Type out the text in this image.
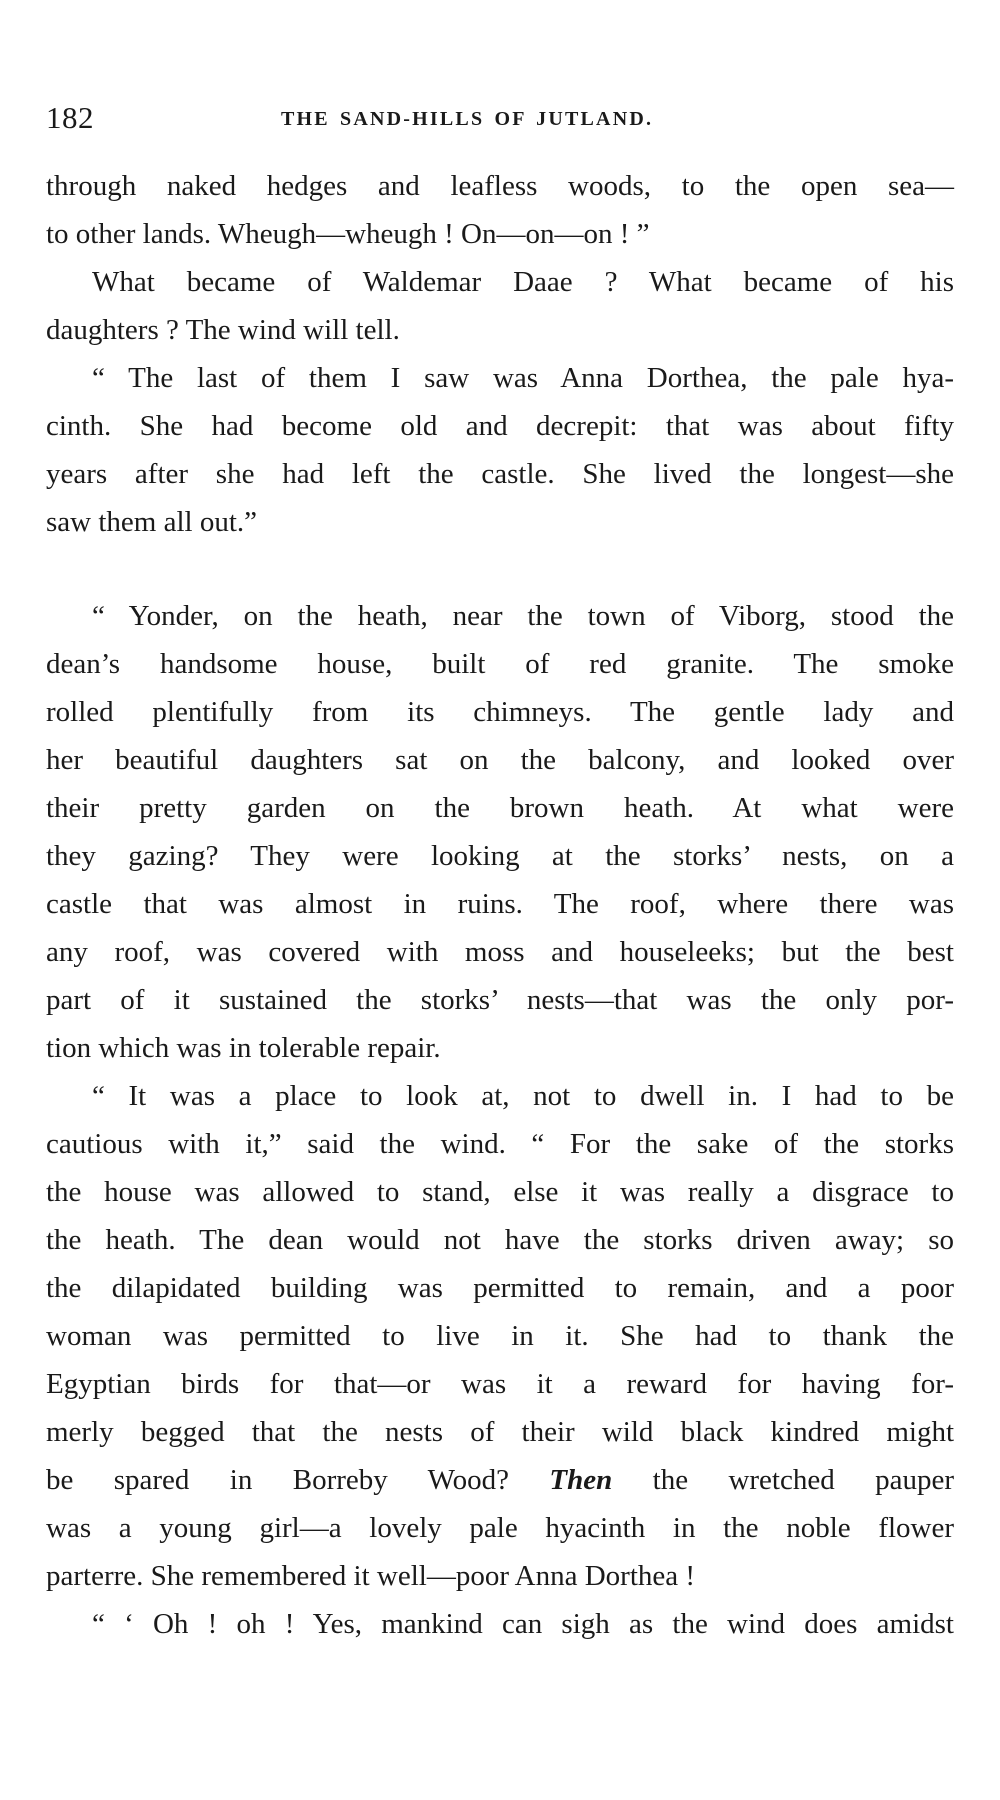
182	THE SAND-HILLS OF JUTLAND.
through naked hedges and leafless woods, to the open sea—
to other lands. Wheugh—wheugh ! On—on—on ! ”
What became of Waldemar Daae ? What became of his
daughters ? The wind will tell.
“ The last of them I saw was Anna Dorthea, the pale hya-
cinth. She had become old and decrepit: that was about fifty
years after she had left the castle. She lived the longest—she
saw them all out.”
“ Yonder, on the heath, near the town of Viborg, stood the
dean’s handsome house, built of red granite. The smoke
rolled plentifully from its chimneys. The gentle lady and
her beautiful daughters sat on the balcony, and looked over
their pretty garden on the brown heath. At what were
they gazing? They were looking at the storks’ nests, on a
castle that was almost in ruins. The roof, where there was
any roof, was covered with moss and houseleeks; but the best
part of it sustained the storks’ nests—that was the only por-
tion which was in tolerable repair.
“ It was a place to look at, not to dwell in. I had to be
cautious with it,” said the wind. “ For the sake of the storks
the house was allowed to stand, else it was really a disgrace to
the heath. The dean would not have the storks driven away; so
the dilapidated building was permitted to remain, and a poor
woman was permitted to live in it. She had to thank the
Egyptian birds for that—or was it a reward for having for-
merly begged that the nests of their wild black kindred might
be spared in Borreby Wood? Then the wretched pauper
was a young girl—a lovely pale hyacinth in the noble flower
parterre. She remembered it well—poor Anna Dorthea !
“ ‘ Oh ! oh ! Yes, mankind can sigh as the wind does amidst
